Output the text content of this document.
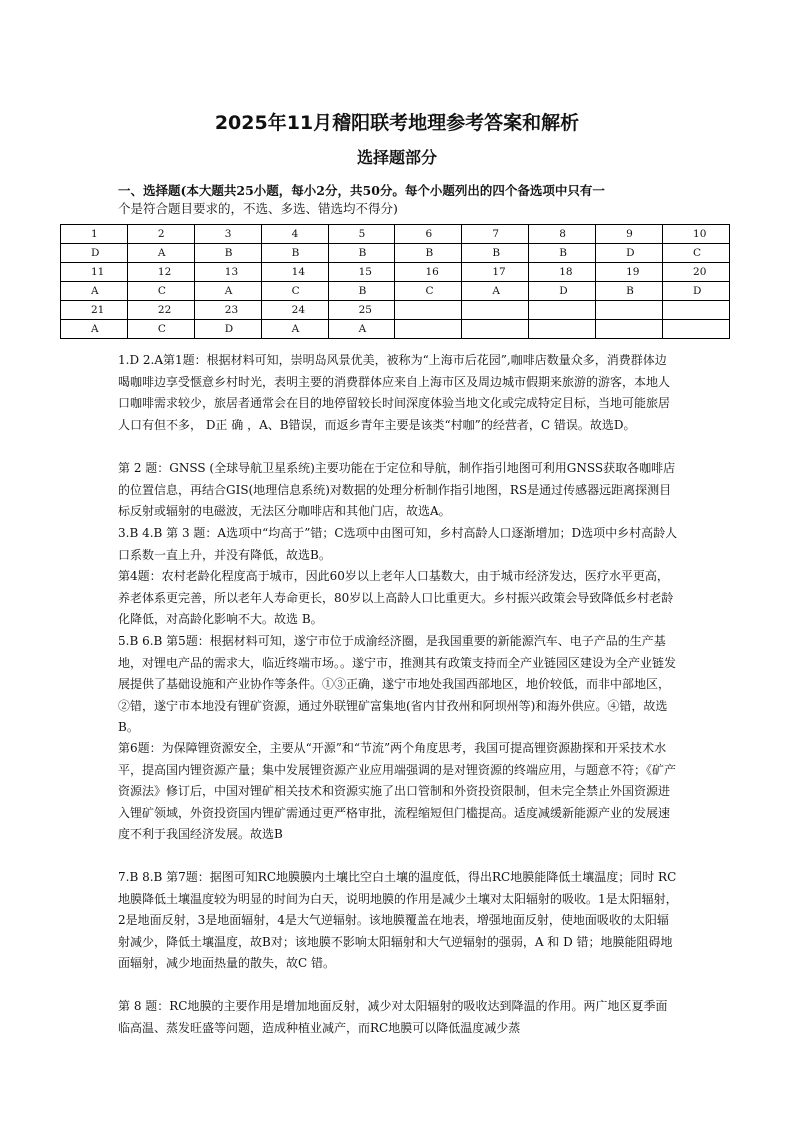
2025年11月稽阳联考地理参考答案和解析
选择题部分
一、选择题(本大题共25小题，每小2分，共50分。每个小题列出的四个备选项中只有一
个是符合题目要求的，不选、多选、错选均不得分)
1	2	3	4	5	6	7	8	9	10
D	A	B	B	B	B	B	B	D	C
11	12	13	14	15	16	17	18	19	20
A	C	A	C	B	C	A	D	B	D
21	22	23	24	25					
A	C	D	A	A					
1.D 2.A第1题：根据材料可知，崇明岛风景优美，被称为“上海市后花园”,咖啡店数量众多，消费群体边喝咖啡边享受惬意乡村时光，表明主要的消费群体应来自上海市区及周边城市假期来旅游的游客，本地人口咖啡需求较少，旅居者通常会在目的地停留较长时间深度体验当地文化或完成特定目标，当地可能旅居人口有但不多， D正 确 ，A、B错误，而返乡青年主要是该类“村咖”的经营者，C 错误。故选D。
第 2 题：GNSS (全球导航卫星系统)主要功能在于定位和导航，制作指引地图可利用GNSS获取各咖啡店的位置信息，再结合GIS(地理信息系统)对数据的处理分析制作指引地图，RS是通过传感器远距离探测目标反射或辐射的电磁波，无法区分咖啡店和其他门店，故选A。
3.B 4.B 第 3 题：A选项中“均高于”错；C选项中由图可知，乡村高龄人口逐渐增加；D选项中乡村高龄人口系数一直上升，并没有降低，故选B。
第4题：农村老龄化程度高于城市，因此60岁以上老年人口基数大，由于城市经济发达，医疗水平更高，养老体系更完善，所以老年人寿命更长，80岁以上高龄人口比重更大。乡村振兴政策会导致降低乡村老龄化降低，对高龄化影响不大。故选 B。
5.B 6.B 第5题：根据材料可知，遂宁市位于成渝经济圈，是我国重要的新能源汽车、电子产品的生产基地，对锂电产品的需求大，临近终端市场。。遂宁市，推测其有政策支持而全产业链园区建设为全产业链发展提供了基础设施和产业协作等条件。①③正确，遂宁市地处我国西部地区，地价较低，而非中部地区，②错，遂宁市本地没有锂矿资源，通过外联锂矿富集地(省内甘孜州和阿坝州等)和海外供应。④错，故选B。
第6题：为保障锂资源安全，主要从“开源”和“节流”两个角度思考，我国可提高锂资源勘探和开采技术水平，提高国内锂资源产量；集中发展锂资源产业应用端强调的是对锂资源的终端应用，与题意不符；《矿产资源法》修订后，中国对锂矿相关技术和资源实施了出口管制和外资投资限制，但未完全禁止外国资源进入锂矿领域，外资投资国内锂矿需通过更严格审批，流程缩短但门槛提高。适度减缓新能源产业的发展速度不利于我国经济发展。故选B
7.B 8.B 第7题：据图可知RC地膜膜内土壤比空白土壤的温度低，得出RC地膜能降低土壤温度；同时 RC地膜降低土壤温度较为明显的时间为白天，说明地膜的作用是减少土壤对太阳辐射的吸收。1是太阳辐射，2是地面反射，3是地面辐射，4是大气逆辐射。该地膜覆盖在地表，增强地面反射，使地面吸收的太阳辐射减少，降低土壤温度，故B对；该地膜不影响太阳辐射和大气逆辐射的强弱，A 和 D 错；地膜能阻碍地面辐射，减少地面热量的散失，故C 错。
第 8 题：RC地膜的主要作用是增加地面反射，减少对太阳辐射的吸收达到降温的作用。两广地区夏季面临高温、蒸发旺盛等问题，造成种植业减产，而RC地膜可以降低温度减少蒸
